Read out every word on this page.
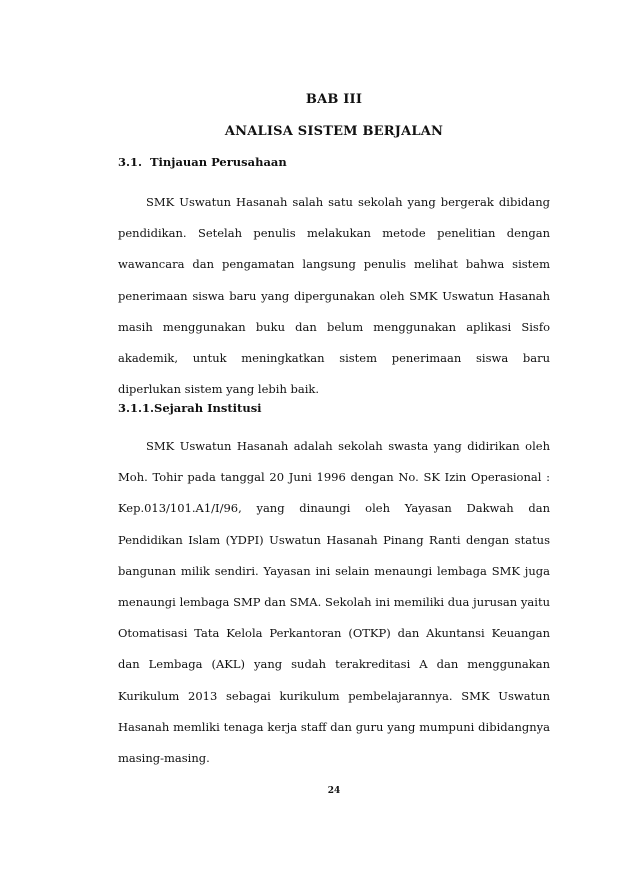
BAB III
ANALISA SISTEM BERJALAN
3.1. Tinjauan Perusahaan

SMK Uswatun Hasanah salah satu sekolah yang bergerak dibidang pendidikan. Setelah penulis melakukan metode penelitian dengan wawancara dan pengamatan langsung penulis melihat bahwa sistem penerimaan siswa baru yang dipergunakan oleh SMK Uswatun Hasanah masih menggunakan buku dan belum menggunakan aplikasi Sisfo akademik, untuk meningkatkan sistem penerimaan siswa baru diperlukan sistem yang lebih baik.

3.1.1.Sejarah Institusi

SMK Uswatun Hasanah adalah sekolah swasta yang didirikan oleh Moh. Tohir pada tanggal 20 Juni 1996 dengan No. SK Izin Operasional : Kep.013/101.A1/I/96, yang dinaungi oleh Yayasan Dakwah dan Pendidikan Islam (YDPI) Uswatun Hasanah Pinang Ranti dengan status bangunan milik sendiri. Yayasan ini selain menaungi lembaga SMK juga menaungi lembaga SMP dan SMA. Sekolah ini memiliki dua jurusan yaitu Otomatisasi Tata Kelola Perkantoran (OTKP) dan Akuntansi Keuangan dan Lembaga (AKL) yang sudah terakreditasi A dan menggunakan Kurikulum 2013 sebagai kurikulum pembelajarannya. SMK Uswatun Hasanah memliki tenaga kerja staff dan guru yang mumpuni dibidangnya masing-masing.

24
